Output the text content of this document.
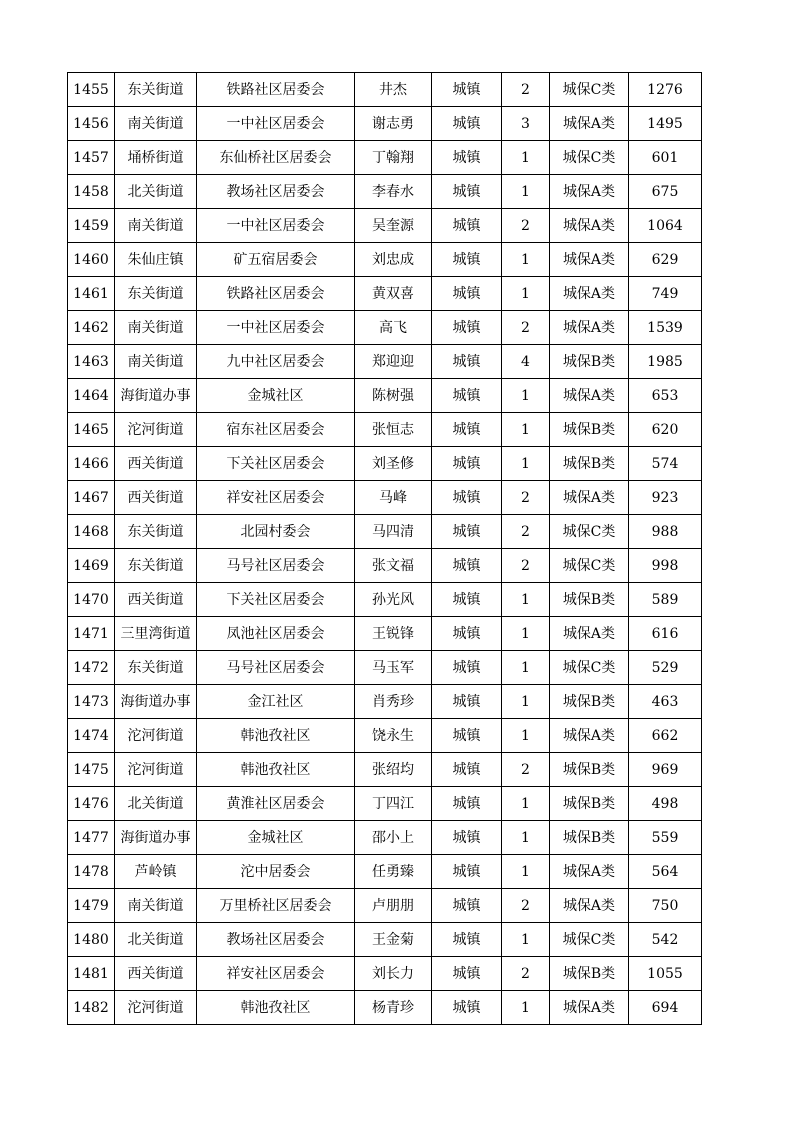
1455	东关街道	铁路社区居委会	井杰	城镇	2	城保C类	1276
1456	南关街道	一中社区居委会	谢志勇	城镇	3	城保A类	1495
1457	埇桥街道	东仙桥社区居委会	丁翰翔	城镇	1	城保C类	601
1458	北关街道	教场社区居委会	李春水	城镇	1	城保A类	675
1459	南关街道	一中社区居委会	吴奎源	城镇	2	城保A类	1064
1460	朱仙庄镇	矿五宿居委会	刘忠成	城镇	1	城保A类	629
1461	东关街道	铁路社区居委会	黄双喜	城镇	1	城保A类	749
1462	南关街道	一中社区居委会	高飞	城镇	2	城保A类	1539
1463	南关街道	九中社区居委会	郑迎迎	城镇	4	城保B类	1985
1464	海街道办事	金城社区	陈树强	城镇	1	城保A类	653
1465	沱河街道	宿东社区居委会	张恒志	城镇	1	城保B类	620
1466	西关街道	下关社区居委会	刘圣修	城镇	1	城保B类	574
1467	西关街道	祥安社区居委会	马峰	城镇	2	城保A类	923
1468	东关街道	北园村委会	马四清	城镇	2	城保C类	988
1469	东关街道	马号社区居委会	张文福	城镇	2	城保C类	998
1470	西关街道	下关社区居委会	孙光风	城镇	1	城保B类	589
1471	三里湾街道	凤池社区居委会	王锐锋	城镇	1	城保A类	616
1472	东关街道	马号社区居委会	马玉军	城镇	1	城保C类	529
1473	海街道办事	金江社区	肖秀珍	城镇	1	城保B类	463
1474	沱河街道	韩池孜社区	饶永生	城镇	1	城保A类	662
1475	沱河街道	韩池孜社区	张绍均	城镇	2	城保B类	969
1476	北关街道	黄淮社区居委会	丁四江	城镇	1	城保B类	498
1477	海街道办事	金城社区	邵小上	城镇	1	城保B类	559
1478	芦岭镇	沱中居委会	任勇臻	城镇	1	城保A类	564
1479	南关街道	万里桥社区居委会	卢朋朋	城镇	2	城保A类	750
1480	北关街道	教场社区居委会	王金菊	城镇	1	城保C类	542
1481	西关街道	祥安社区居委会	刘长力	城镇	2	城保B类	1055
1482	沱河街道	韩池孜社区	杨青珍	城镇	1	城保A类	694
